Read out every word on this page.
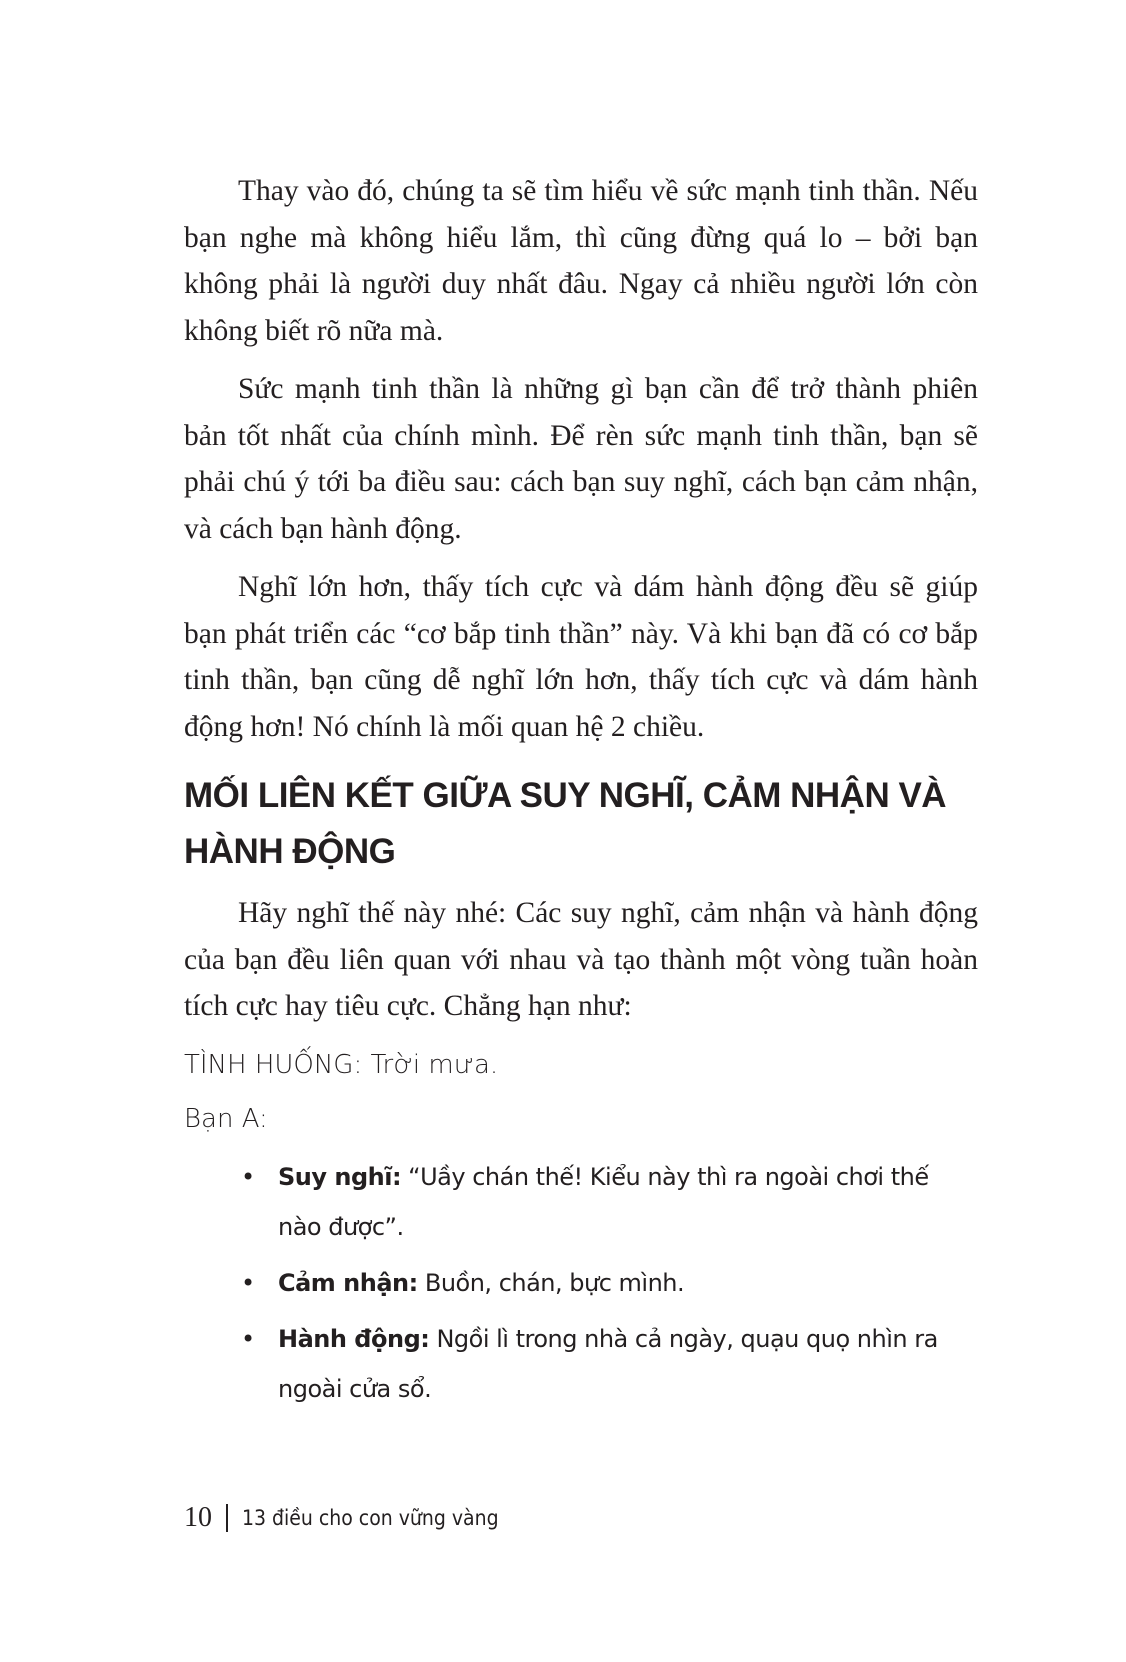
Thay vào đó, chúng ta sẽ tìm hiểu về sức mạnh tinh thần. Nếu bạn nghe mà không hiểu lắm, thì cũng đừng quá lo – bởi bạn không phải là người duy nhất đâu. Ngay cả nhiều người lớn còn không biết rõ nữa mà.

Sức mạnh tinh thần là những gì bạn cần để trở thành phiên bản tốt nhất của chính mình. Để rèn sức mạnh tinh thần, bạn sẽ phải chú ý tới ba điều sau: cách bạn suy nghĩ, cách bạn cảm nhận, và cách bạn hành động.

Nghĩ lớn hơn, thấy tích cực và dám hành động đều sẽ giúp bạn phát triển các “cơ bắp tinh thần” này. Và khi bạn đã có cơ bắp tinh thần, bạn cũng dễ nghĩ lớn hơn, thấy tích cực và dám hành động hơn! Nó chính là mối quan hệ 2 chiều.

MỐI LIÊN KẾT GIỮA SUY NGHĨ, CẢM NHẬN VÀ HÀNH ĐỘNG

Hãy nghĩ thế này nhé: Các suy nghĩ, cảm nhận và hành động của bạn đều liên quan với nhau và tạo thành một vòng tuần hoàn tích cực hay tiêu cực. Chẳng hạn như:

TÌNH HUỐNG: Trời mưa.

Bạn A:

• Suy nghĩ: “Uầy chán thế! Kiểu này thì ra ngoài chơi thế nào được”.
• Cảm nhận: Buồn, chán, bực mình.
• Hành động: Ngồi lì trong nhà cả ngày, quạu quọ nhìn ra ngoài cửa sổ.
10 13 điều cho con vững vàng
